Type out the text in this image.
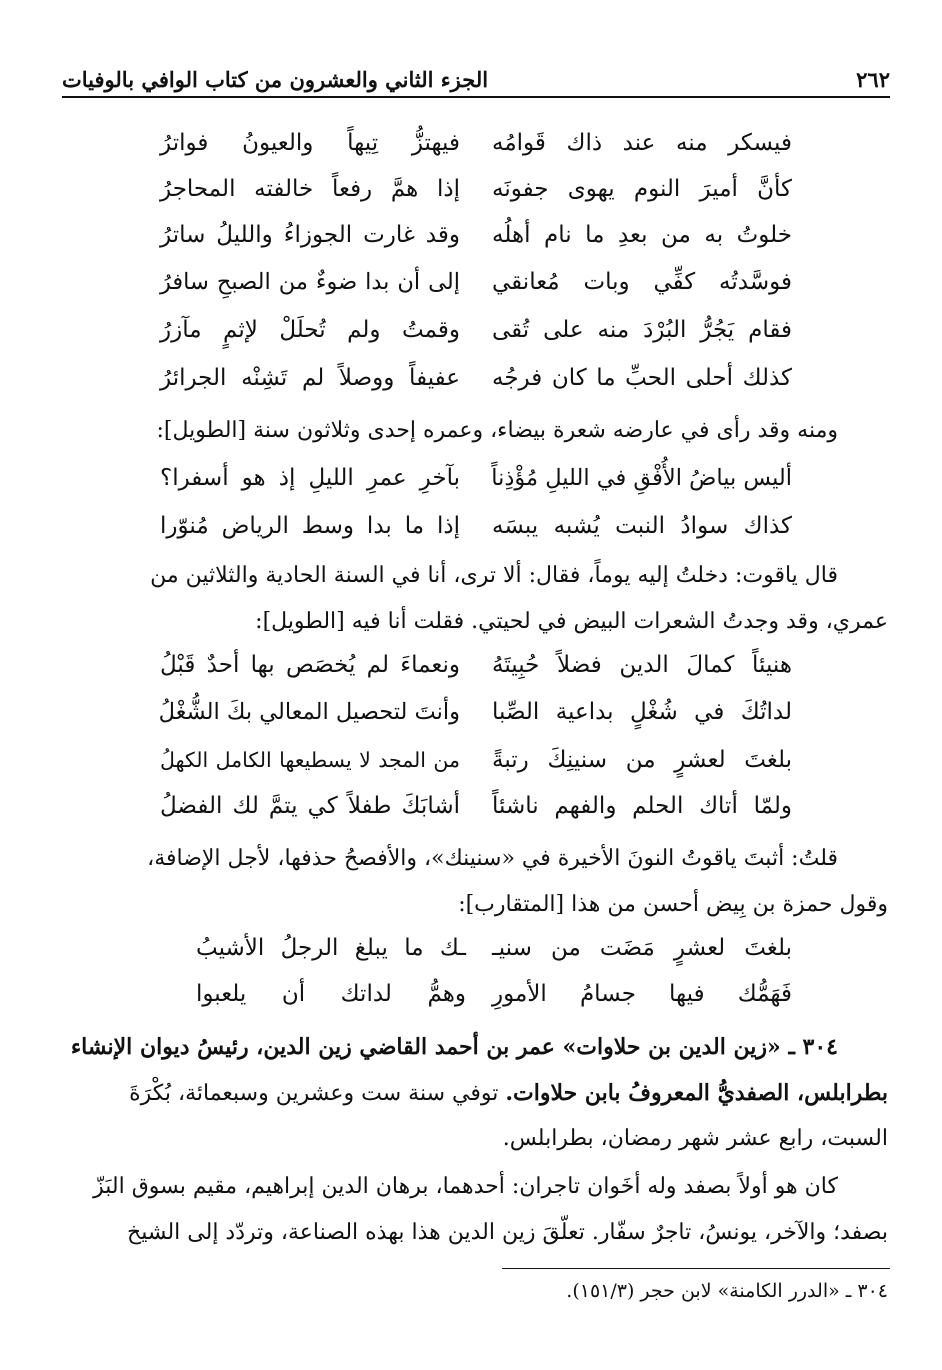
٢٦٢
الجزء الثاني والعشرون من كتاب الوافي بالوفيات
فيسكر منه عند ذاك قَوامُه
فيهتزُّ تِيهاً والعيونُ فواترُ
كأنَّ أميرَ النوم يهوى جفونَه
إذا همَّ رفعاً خالفته المحاجرُ
خلوتُ به من بعدِ ما نام أهلُه
وقد غارت الجوزاءُ والليلُ ساترُ
فوسَّدتُه كفِّي وبات مُعانقي
إلى أن بدا ضوءٌ من الصبحِ سافرُ
فقام يَجُرُّ البُرْدَ منه على تُقى
وقمتُ ولم تُحلَلْ لإثمٍ مآزرُ
كذلك أحلى الحبِّ ما كان فرجُه
عفيفاً ووصلاً لم تَشِنْه الجرائرُ
ومنه وقد رأى في عارضه شعرة بيضاء، وعمره إحدى وثلاثون سنة [الطويل]:
أليس بياضُ الأُفْقِ في الليلِ مُؤْذِناً
بآخرِ عمرِ الليلِ إذ هو أسفرا؟
كذاك سوادُ النبت يُشبه يبسَه
إذا ما بدا وسط الرياض مُنوّرا
قال ياقوت: دخلتُ إليه يوماً، فقال: ألا ترى، أنا في السنة الحادية والثلاثين من
عمري، وقد وجدتُ الشعرات البيض في لحيتي. فقلت أنا فيه [الطويل]:
هنيئاً كمالَ الدين فضلاً حُبِيتَهُ
ونعماءَ لم يُخصَص بها أحدٌ قَبْلُ
لداتُكَ في شُغْلٍ بداعية الصِّبا
وأنتَ لتحصيل المعالي بكَ الشُّغْلُ
بلغتَ لعشرٍ من سنينِكَ رتبةً
من المجد لا يسطيعها الكامل الكهلُ
ولمّا أتاك الحلم والفهم ناشئاً
أشابَكَ طفلاً كي يتمَّ لك الفضلُ
قلتُ: أثبتَ ياقوتُ النونَ الأخيرة في «سنينك»، والأفصحُ حذفها، لأجل الإضافة،
وقول حمزة بن بِيض أحسن من هذا [المتقارب]:
بلغتَ لعشرٍ مَضَت من سنيـ
ـك ما يبلغ الرجلُ الأشيبُ
فَهَمُّك فيها جسامُ الأمورِ
وهمُّ لداتك أن يلعبوا
٣٠٤ ـ «زين الدين بن حلاوات» عمر بن أحمد القاضي زين الدين، رئيسُ ديوان الإنشاء
بطرابلس، الصفديُّ المعروفُ بابن حلاوات. توفي سنة ست وعشرين وسبعمائة، بُكْرَةَ
السبت، رابع عشر شهر رمضان، بطرابلس.
كان هو أولاً بصفد وله أخَوان تاجران: أحدهما، برهان الدين إبراهيم، مقيم بسوق البَزّ
بصفد؛ والآخر، يونسُ، تاجرٌ سفّار. تعلّقَ زين الدين هذا بهذه الصناعة، وتردّد إلى الشيخ
٣٠٤ ـ «الدرر الكامنة» لابن حجر (١٥١/٣).
